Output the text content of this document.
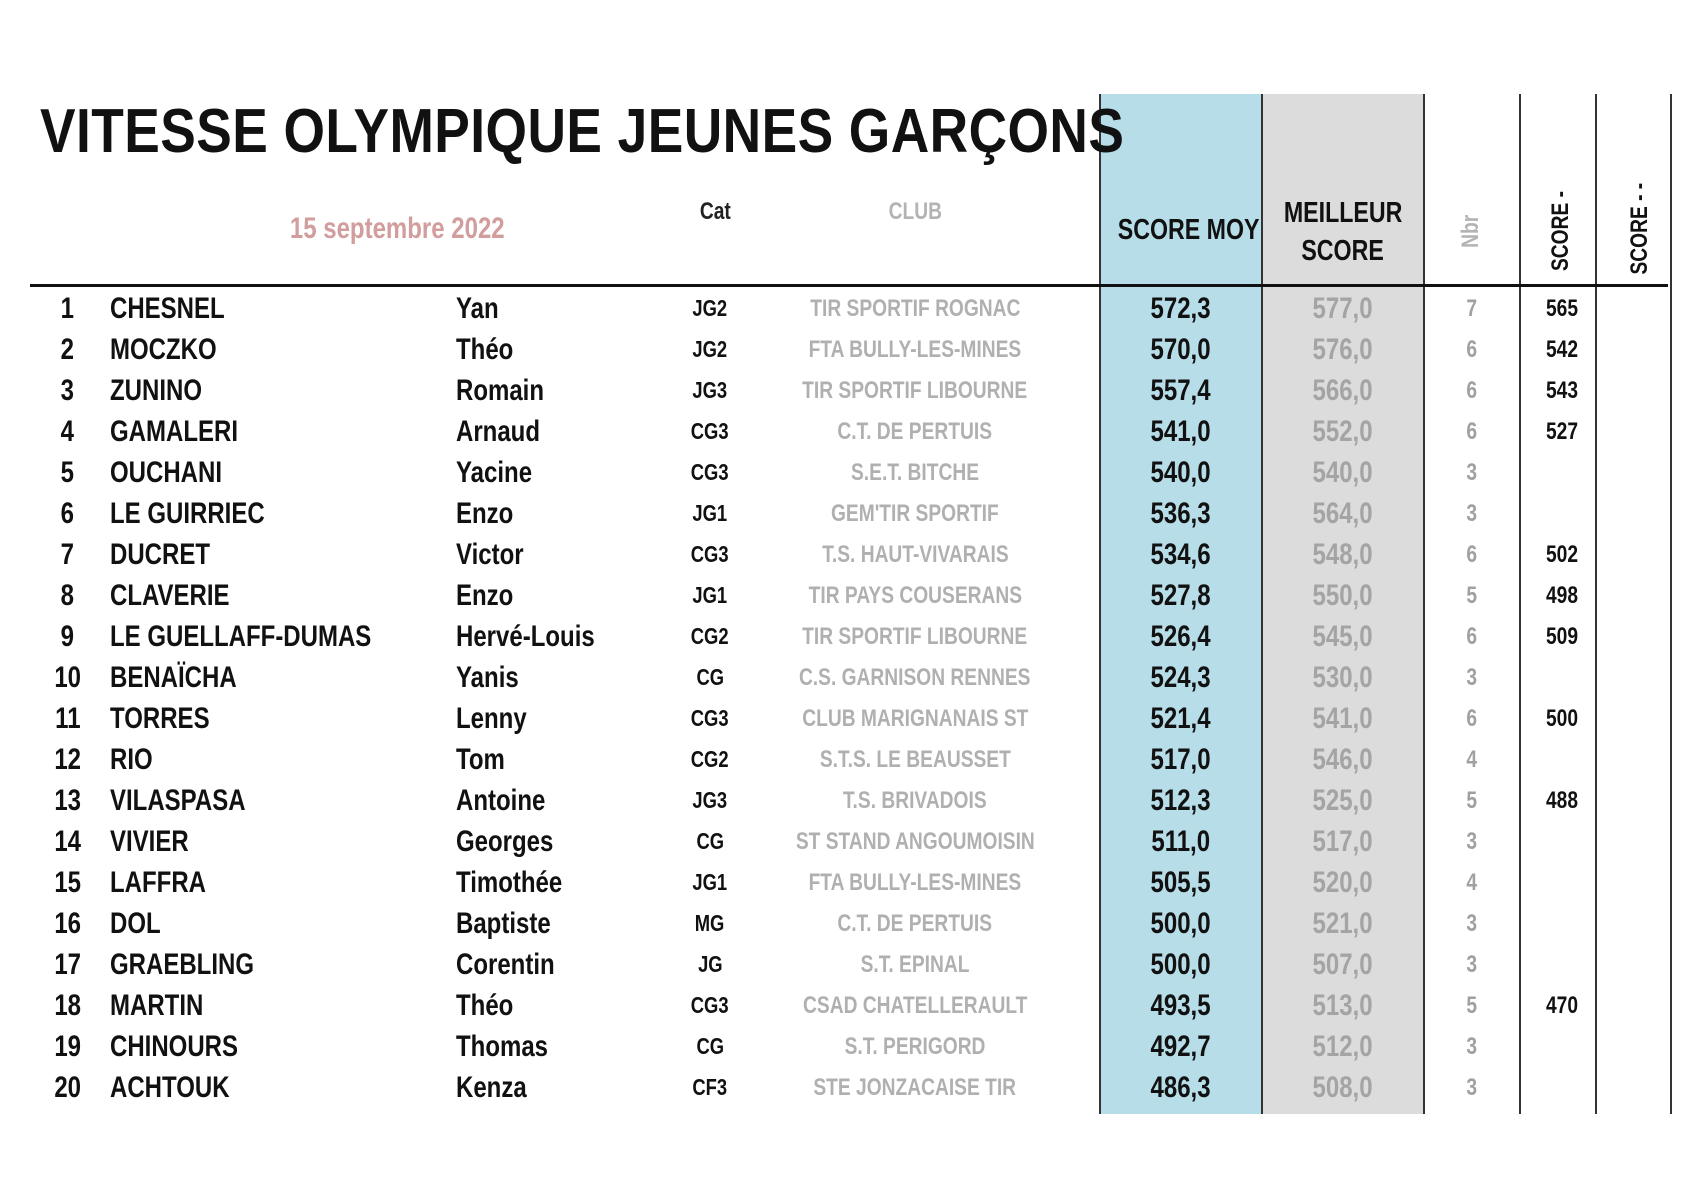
VITESSE OLYMPIQUE JEUNES GARÇONS
15 septembre 2022
Cat	CLUB
SCORE MOY
MEILLEUR
SCORE
Nbr	SCORE - SCORE - -
1	CHESNEL	Yan	JG2	TIR SPORTIF ROGNAC	572,3	577,0	7	565
2	MOCZKO	Théo	JG2	FTA BULLY-LES-MINES	570,0	576,0	6	542
3	ZUNINO	Romain	JG3	TIR SPORTIF LIBOURNE	557,4	566,0	6	543
4	GAMALERI	Arnaud	CG3	C.T. DE PERTUIS	541,0	552,0	6	527
5	OUCHANI	Yacine	CG3	S.E.T. BITCHE	540,0	540,0	3
6	LE GUIRRIEC	Enzo	JG1	GEM'TIR SPORTIF	536,3	564,0	3
7	DUCRET	Victor	CG3	T.S. HAUT-VIVARAIS	534,6	548,0	6	502
8	CLAVERIE	Enzo	JG1	TIR PAYS COUSERANS	527,8	550,0	5	498
9	LE GUELLAFF-DUMAS	Hervé-Louis	CG2	TIR SPORTIF LIBOURNE	526,4	545,0	6	509
10 BENAÏCHA	Yanis	CG	C.S. GARNISON RENNES	524,3	530,0	3
11 TORRES	Lenny	CG3	CLUB MARIGNANAIS ST	521,4	541,0	6	500
12 RIO	Tom	CG2	S.T.S. LE BEAUSSET	517,0	546,0	4
13 VILASPASA	Antoine	JG3	T.S. BRIVADOIS	512,3	525,0	5	488
14 VIVIER	Georges	CG	ST STAND ANGOUMOISIN	511,0	517,0	3
15 LAFFRA	Timothée	JG1	FTA BULLY-LES-MINES	505,5	520,0	4
16 DOL	Baptiste	MG	C.T. DE PERTUIS	500,0	521,0	3
17 GRAEBLING	Corentin	JG	S.T. EPINAL	500,0	507,0	3
18 MARTIN	Théo	CG3	CSAD CHATELLERAULT	493,5	513,0	5	470
19 CHINOURS	Thomas	CG	S.T. PERIGORD	492,7	512,0	3
20 ACHTOUK	Kenza	CF3	STE JONZACAISE TIR	486,3	508,0	3
